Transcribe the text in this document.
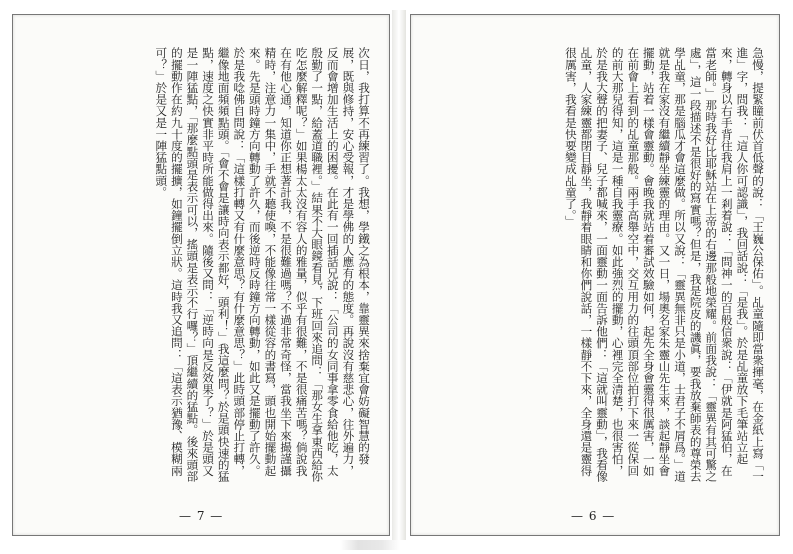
次日，我打算不再練習了。我想，學鐵之為根本，靠靈異來捨棄宜會妨礙智慧的發展，既與修持，安心受報，才是學佛的人應有的態度。再說沒有慈悲心，往外遍力，反而會增加生活上的困擾。在此有一回插話兄說：「公司的女同事拿零食給他吃，太殷勤了一點，給蓋道職裡。」結果不大眼鏡看見，下班回來追問：「那女生拿東西給你吃怎麼解釋呢？」如果楊太太沒有容人的雅量，似乎有很難，不是很痛苦嗎？倘說我在有他心通，知道你正想著計我，不是很難過嗎？不過非常奇怪，當我坐下來撮謹攝精時，注意力一集中，手就不聽使喚，不能像往常一樣從容的書寫，頭也開始擺動起來。先是頭時鐘方向轉動了許久，而後逆時反時鐘方向轉動，如此又是擺動了許久。於是我唸佛自問說：「這樣打轉又有什麼意思？有什麼意思？」此時頭部停止打轉，繼像地面頻頻點頭。「會不會是讓時向表示都好，頭利！」我這麼問？於是頭快速的猛點，速度之快實非平時所能做得出來。隨後又問：「逆時向是反效果了？」於是頭又是一陣猛點，「那麼點頭是表示可以，搖頭是表示不行囉？」頂繼續的猛點。後來頭部的擺動作在約九十度的擺擴，如鐘擺倒立狀。這時我又追問：「這表示猶豫、模糊兩可？」於是又是一陣猛點頭。
— 7 —
急慢，提緊瞳前伏首低聲的說：「王巍公保佑」。乩童隨即當衆揮毫，在金紙上寫「一進」字，問我：「這人你可認識」，我回話說：「是我」。於是乩童放下毛筆站立起來，轉身以右手背往我肩上一剎着說：「問神一的百般信衆說：「伊就是阿猛伯，在當老師。」那時我好比耶穌站在上帝的右邊那般地榮耀。前面我說：「靈異有其可驚之處」，這一段描述不是很好的寫實嗎？但是，我是院皮的譏眞，要我放棄師表的尊榮去學乩童，那是腦瓜才會這麼做。所以又說：「靈異無非只是小道，士君子不屑爲。」道就是我在家沒有繼續靜坐練靈的理由。又一日，場奧名家朱靈山先生來，談起靜坐會擺動，站着一樣會靈動。會晚我就站着審試效驗如何，起先全身會靈得很厲害，一如在前會上看到的乩童那般。兩手高舉空中，交互用力的往頭頂部位拍打下來一從保回的前大那兒得知，這是一種自我靈療。如此強烈的擺動，心裡完全清楚，也很害怕，於是我大聲的把妻子、兒子都喊來，一面靈動一面告訴他們：「這就叫靈動」，我看像乩童，人家練靈都閉目靜坐，我靜着眼睛和你們說話，一樣靜不下來，全身還是靈得很厲害，我看是快要變成乩童了。」
— 6 —
